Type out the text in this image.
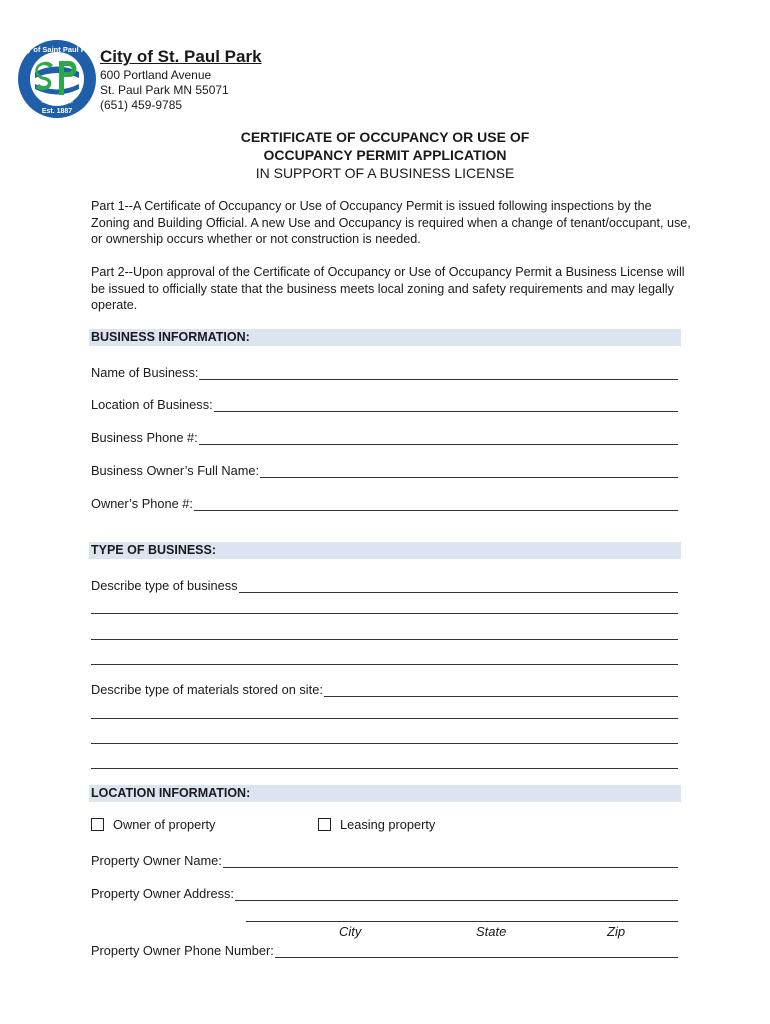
City of Saint Paul Park
on the Mississippi
Est. 1887
City of St. Paul Park
600 Portland Avenue
St. Paul Park MN 55071
(651) 459-9785
CERTIFICATE OF OCCUPANCY OR USE OF
OCCUPANCY PERMIT APPLICATION
IN SUPPORT OF A BUSINESS LICENSE
Part 1--A Certificate of Occupancy or Use of Occupancy Permit is issued following inspections by the Zoning and Building Official. A new Use and Occupancy is required when a change of tenant/occupant, use, or ownership occurs whether or not construction is needed.
Part 2--Upon approval of the Certificate of Occupancy or Use of Occupancy Permit a Business License will be issued to officially state that the business meets local zoning and safety requirements and may legally operate.
BUSINESS INFORMATION:
Name of Business:
Location of Business:
Business Phone #:
Business Owner’s Full Name:
Owner’s Phone #:
TYPE OF BUSINESS:
Describe type of business
Describe type of materials stored on site:
LOCATION INFORMATION:
Owner of property	Leasing property
Property Owner Name:
Property Owner Address:
City	State	Zip
Property Owner Phone Number:
